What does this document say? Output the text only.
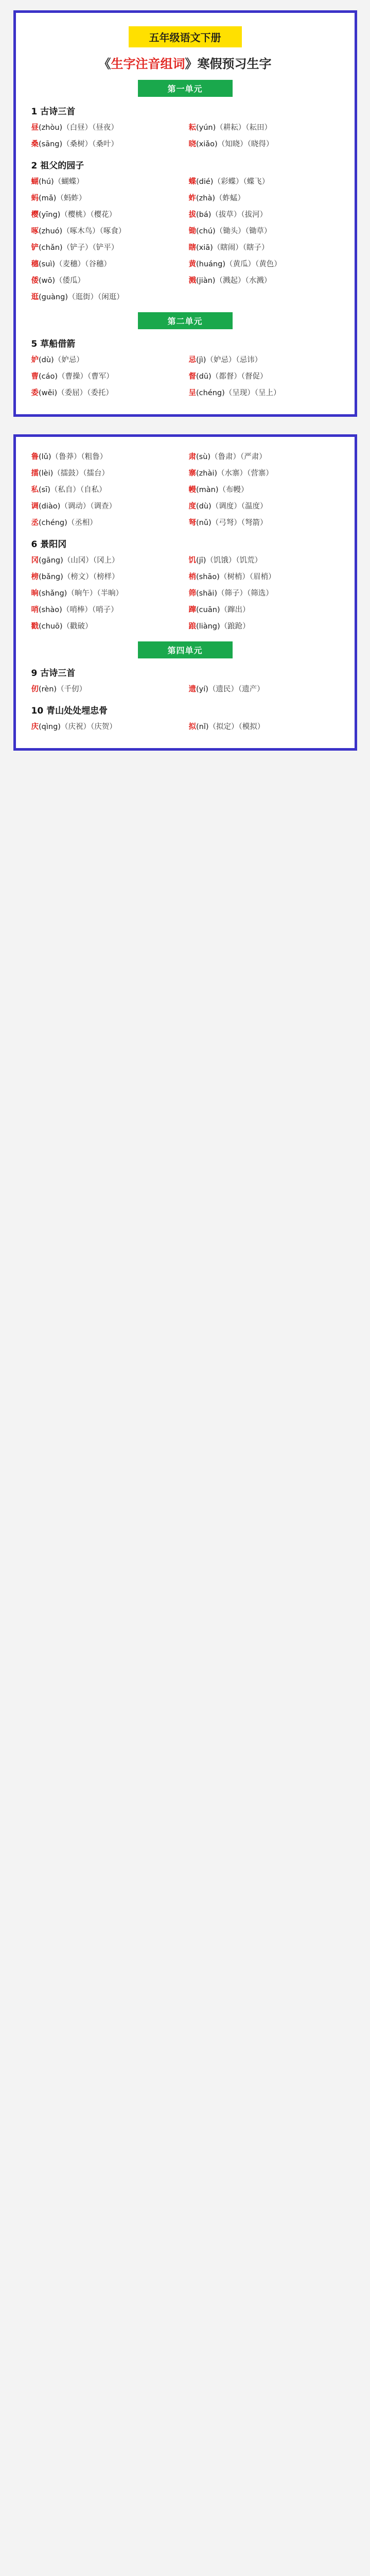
五年级语文下册
《生字注音组词》寒假预习生字
第一单元
1 古诗三首
昼(zhòu)（白昼）（昼夜）	耘(yún)（耕耘）（耘田）
桑(sāng)（桑树）（桑叶）	晓(xiǎo)（知晓）（晓得）
2 祖父的园子
蝴(hú)（蝴蝶）	蝶(dié)（彩蝶）（蝶飞）
蚂(mǎ)（蚂蚱）	蚱(zhà)（蚱蜢）
樱(yīng)（樱桃）（樱花）	拔(bá)（拔草）（拔河）
啄(zhuó)（啄木鸟）（啄食）	锄(chú)（锄头）（锄草）
铲(chǎn)（铲子）（铲平）	瞎(xiā)（瞎闹）（瞎子）
穗(suì)（麦穗）（谷穗）	黄(huáng)（黄瓜）（黄色）
倭(wō)（倭瓜）	溅(jiàn)（溅起）（水溅）
逛(guàng)（逛街）（闲逛）
第二单元
5 草船借箭
妒(dù)（妒忌）	忌(jì)（妒忌）（忌讳）
曹(cáo)（曹操）（曹军）	督(dū)（都督）（督促）
委(wěi)（委屈）（委托）	呈(chéng)（呈现）（呈上）
鲁(lǔ)（鲁莽）（粗鲁）	肃(sù)（鲁肃）（严肃）
擂(lèi)（擂鼓）（擂台）	寨(zhài)（水寨）（营寨）
私(sī)（私自）（自私）	幔(màn)（布幔）
调(diào)（调动）（调查）	度(dù)（调度）（温度）
丞(chéng)（丞相）	弩(nǔ)（弓弩）（弩箭）
6 景阳冈
冈(gāng)（山冈）（冈上）	饥(jī)（饥饿）（饥荒）
榜(bǎng)（榜文）（榜样）	梢(shāo)（树梢）（眉梢）
晌(shǎng)（晌午）（半晌）	筛(shāi)（筛子）（筛选）
哨(shào)（哨棒）（哨子）	蹿(cuān)（蹿出）
戳(chuō)（戳破）	踉(liàng)（踉跄）
第四单元
9 古诗三首
仞(rèn)（千仞）	遗(yí)（遗民）（遗产）
10 青山处处埋忠骨
庆(qìng)（庆祝）（庆贺）	拟(nǐ)（拟定）（模拟）
